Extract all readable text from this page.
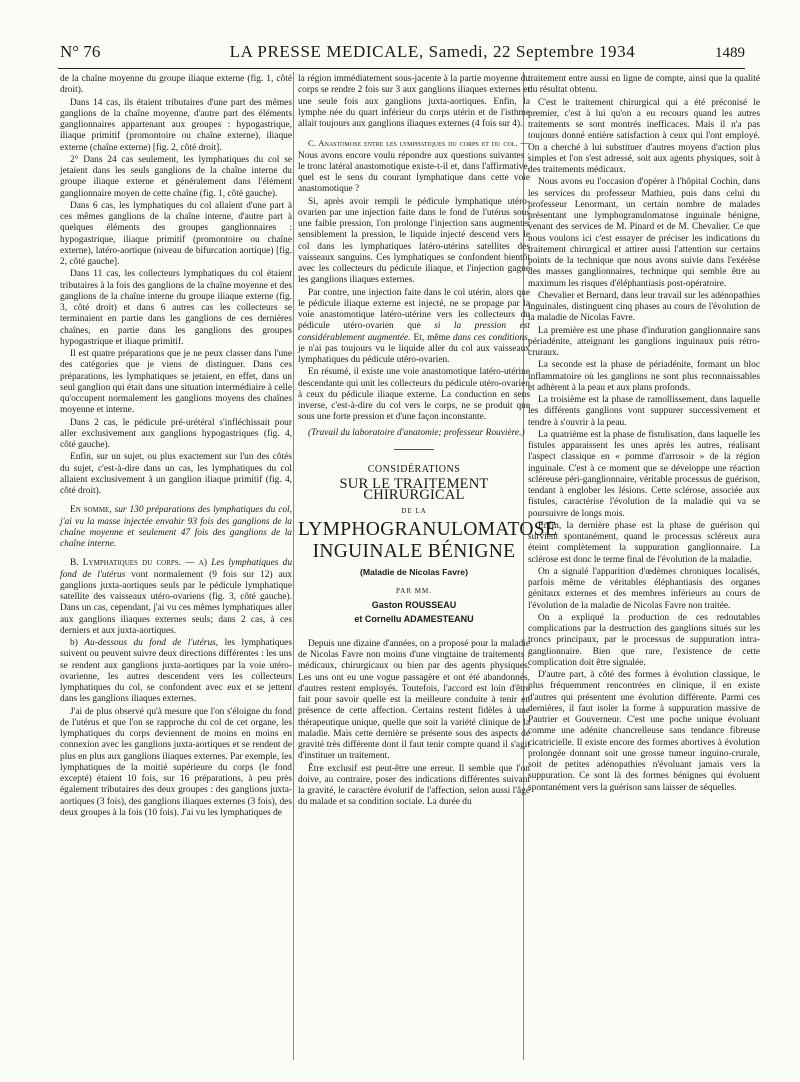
N° 76	LA PRESSE MEDICALE, Samedi, 22 Septembre 1934	1489

de la chaîne moyenne du groupe iliaque externe (fig. 1, côté droit).

Dans 14 cas, ils étaient tributaires d'une part des mêmes ganglions de la chaîne moyenne, d'autre part des éléments ganglionnaires appartenant aux groupes : hypogastrique, iliaque primitif (promontoire ou chaîne externe), iliaque externe (chaîne externe) [fig. 2, côté droit].

2° Dans 24 cas seulement, les lymphatiques du col se jetaient dans les seuls ganglions de la chaîne interne du groupe iliaque externe et généralement dans l'élément ganglionnaire moyen de cette chaîne (fig. 1, côté gauche).

Dans 6 cas, les lymphatiques du col allaient d'une part à ces mêmes ganglions de la chaîne interne, d'autre part à quelques éléments des groupes ganglionnaires : hypogastrique, iliaque primitif (promontoire ou chaîne externe), latéro-aortique (niveau de bifurcation aortique) [fig. 2, côté gauche].

Dans 11 cas, les collecteurs lymphatiques du col étaient tributaires à la fois des ganglions de la chaîne moyenne et des ganglions de la chaîne interne du groupe iliaque externe (fig. 3, côté droit) et dans 6 autres cas les collecteurs se terminaient en partie dans les ganglions de ces dernières chaînes, en partie dans les ganglions des groupes hypogastrique et iliaque primitif.

Il est quatre préparations que je ne peux classer dans l'une des catégories que je viens de distinguer. Dans ces préparations, les lymphatiques se jetaient, en effet, dans un seul ganglion qui était dans une situation intermédiaire à celle qu'occupent normalement les ganglions moyens des chaînes moyenne et interne.

Dans 2 cas, le pédicule pré-urétéral s'infléchissait pour aller exclusivement aux ganglions hypogastriques (fig. 4, côté gauche).

Enfin, sur un sujet, ou plus exactement sur l'un des côtés du sujet, c'est-à-dire dans un cas, les lymphatiques du col allaient exclusivement à un ganglion iliaque primitif (fig. 4, côté droit).

En somme, sur 130 préparations des lymphatiques du col, j'ai vu la masse injectée envahir 93 fois des ganglions de la chaîne moyenne et seulement 47 fois des ganglions de la chaîne interne.

B. Lymphatiques du corps. — a) Les lymphatiques du fond de l'utérus vont normalement (9 fois sur 12) aux ganglions juxta-aortiques seuls par le pédicule lymphatique satellite des vaisseaux utéro-ovariens (fig. 3, côté gauche). Dans un cas, cependant, j'ai vu ces mêmes lymphatiques aller aux ganglions iliaques externes seuls; dans 2 cas, à ces derniers et aux juxta-aortiques.

b) Au-dessous du fond de l'utérus, les lymphatiques suivent ou peuvent suivre deux directions différentes : les uns se rendent aux ganglions juxta-aortiques par la voie utéro-ovarienne, les autres descendent vers les collecteurs lymphatiques du col, se confondent avec eux et se jettent dans les ganglions iliaques externes.

J'ai de plus observé qu'à mesure que l'on s'éloigne du fond de l'utérus et que l'on se rapproche du col de cet organe, les lymphatiques du corps deviennent de moins en moins en connexion avec les ganglions juxta-aortiques et se rendent de plus en plus aux ganglions iliaques externes. Par exemple, les lymphatiques de la moitié supérieure du corps (le fond excepté) étaient 10 fois, sur 16 préparations, à peu près également tributaires des deux groupes : des ganglions juxta-aortiques (3 fois), des ganglions iliaques externes (3 fois), des deux groupes à la fois (10 fois). J'ai vu les lymphatiques de

la région immédiatement sous-jacente à la partie moyenne du corps se rendre 2 fois sur 3 aux ganglions iliaques externes et une seule fois aux ganglions juxta-aortiques. Enfin, la lymphe née du quart inférieur du corps utérin et de l'isthme allait toujours aux ganglions iliaques externes (4 fois sur 4).

C. Anastomose entre les lymphatiques du corps et du col. — Nous avons encore voulu répondre aux questions suivantes : le tronc latéral anastomotique existe-t-il et, dans l'affirmative, quel est le sens du courant lymphatique dans cette voie anastomotique ?

Si, après avoir rempli le pédicule lymphatique utéro-ovarien par une injection faite dans le fond de l'utérus sous une faible pression, l'on prolonge l'injection sans augmenter sensiblement la pression, le liquide injecté descend vers le col dans les lymphatiques latéro-utérins satellites des vaisseaux sanguins. Ces lymphatiques se confondent bientôt avec les collecteurs du pédicule iliaque, et l'injection gagne les ganglions iliaques externes.

Par contre, une injection faite dans le col utérin, alors que le pédicule iliaque externe est injecté, ne se propage par la voie anastomotique latéro-utérine vers les collecteurs du pédicule utéro-ovarien que si la pression est considérablement augmentée. Et, même dans ces conditions, je n'ai pas toujours vu le liquide aller du col aux vaisseaux lymphatiques du pédicule utéro-ovarien.

En résumé, il existe une voie anastomotique latéro-utérine descendante qui unit les collecteurs du pédicule utéro-ovarien à ceux du pédicule iliaque externe. La conduction en sens inverse, c'est-à-dire du col vers le corps, ne se produit que sous une forte pression et d'une façon inconstante.

(Travail du laboratoire d'anatomie; professeur Rouvière.)

CONSIDÉRATIONS
SUR LE TRAITEMENT CHIRURGICAL
DE LA
LYMPHOGRANULOMATOSE
INGUINALE BÉNIGNE
(Maladie de Nicolas Favre)
PAR MM.
Gaston ROUSSEAU
et Cornellu ADAMESTEANU

Depuis une dizaine d'années, on a proposé pour la maladie de Nicolas Favre non moins d'une vingtaine de traitements : médicaux, chirurgicaux ou bien par des agents physiques. Les uns ont eu une vogue passagère et ont été abandonnés, d'autres restent employés. Toutefois, l'accord est loin d'être fait pour savoir quelle est la meilleure conduite à tenir en présence de cette affection. Certains restent fidèles à une thérapeutique unique, quelle que soit la variété clinique de la maladie. Mais cette dernière se présente sous des aspects de gravité très différente dont il faut tenir compte quand il s'agit d'instituer un traitement.

Être exclusif est peut-être une erreur. Il semble que l'on doive, au contraire, poser des indications différentes suivant la gravité, le caractère évolutif de l'affection, selon aussi l'âge du malade et sa condition sociale. La durée du

traitement entre aussi en ligne de compte, ainsi que la qualité du résultat obtenu.

C'est le traitement chirurgical qui a été préconisé le premier, c'est à lui qu'on a eu recours quand les autres traitements se sont montrés inefficaces. Mais il n'a pas toujours donné entière satisfaction à ceux qui l'ont employé. On a cherché à lui substituer d'autres moyens d'action plus simples et l'on s'est adressé, soit aux agents physiques, soit à des traitements médicaux.

Nous avons eu l'occasion d'opérer à l'hôpital Cochin, dans les services du professeur Mathieu, puis dans celui du professeur Lenormant, un certain nombre de malades présentant une lymphogranulomatose inguinale bénigne, venant des services de M. Pinard et de M. Chevalier. Ce que nous voulons ici c'est essayer de préciser les indications du traitement chirurgical et attirer aussi l'attention sur certains points de la technique que nous avons suivie dans l'exérèse des masses ganglionnaires, technique qui semble être au maximum les risques d'éléphantiasis post-opératoire.

Chevalier et Bernard, dans leur travail sur les adénopathies inguinales, distinguent cinq phases au cours de l'évolution de la maladie de Nicolas Favre.

La première est une phase d'induration ganglionnaire sans périadénite, atteignant les ganglions inguinaux puis rétro-cruraux.

La seconde est la phase de périadénite, formant un bloc inflammatoire où les ganglions ne sont plus reconnaissables et adhèrent à la peau et aux plans profonds.

La troisième est la phase de ramollissement, dans laquelle les différents ganglions vont suppurer successivement et tendre à s'ouvrir à la peau.

La quatrième est la phase de fistulisation, dans laquelle les fistules apparaissent les unes après les autres, réalisant l'aspect classique en « pomme d'arrosoir » de la région inguinale. C'est à ce moment que se développe une réaction scléreuse péri-ganglionnaire, véritable processus de guérison, tendant à englober les lésions. Cette sclérose, associée aux fistules, caractérise l'évolution de la maladie qui va se poursuivre de longs mois.

Enfin, la dernière phase est la phase de guérison qui survient spontanément, quand le processus scléreux aura éteint complètement la suppuration ganglionnaire. La sclérose est donc le terme final de l'évolution de la maladie.

On a signalé l'apparition d'œdèmes chroniques localisés, parfois même de véritables éléphantiasis des organes génitaux externes et des membres inférieurs au cours de l'évolution de la maladie de Nicolas Favre non traitée.

On a expliqué la production de ces redoutables complications par la destruction des ganglions situés sur les troncs principaux, par le processus de suppuration intra-ganglionnaire. Bien que rare, l'existence de cette complication doit être signalée.

D'autre part, à côté des formes à évolution classique, le plus fréquemment rencontrées en clinique, il en existe d'autres qui présentent une évolution différente. Parmi ces dernières, il faut isoler la forme à suppuration massive de Pautrier et Gouverneur. C'est une poche unique évoluant comme une adénite chancrelleuse sans tendance fibreuse cicatricielle. Il existe encore des formes abortives à évolution prolongée donnant soit une grosse tumeur inguino-crurale, soit de petites adénopathies n'évoluant jamais vers la suppuration. Ce sont là des formes bénignes qui évoluent spontanément vers la guérison sans laisser de séquelles.
